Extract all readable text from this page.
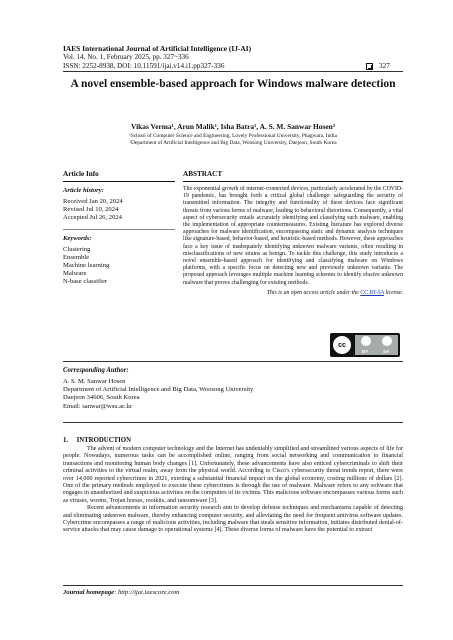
IAES International Journal of Artificial Intelligence (IJ-AI)
Vol. 14, No. 1, February 2025, pp. 327~336
ISSN: 2252-8938, DOI: 10.11591/ijai.v14.i1.pp327-336	327
A novel ensemble-based approach for Windows malware detection
Vikas Verma¹, Arun Malik¹, Isha Batra¹, A. S. M. Sanwar Hosen²
¹School of Computer Science and Engineering, Lovely Professional University, Phagwara, India
²Department of Artificial Intelligence and Big Data, Woosong University, Daejeon, South Korea
Article Info
Article history:
Received Jan 20, 2024
Revised Jul 10, 2024
Accepted Jul 26, 2024
Keywords:
Clustering
Ensemble
Machine learning
Malware
N-base classifier
ABSTRACT
The exponential growth of internet-connected devices, particularly accelerated by the COVID-19 pandemic, has brought forth a critical global challenge: safeguarding the security of transmitted information. The integrity and functionality of these devices face significant threats from various forms of malware, leading to behavioral distortions. Consequently, a vital aspect of cybersecurity entails accurately identifying and classifying such malware, enabling the implementation of appropriate countermeasures. Existing literature has explored diverse approaches for malware identification, encompassing static and dynamic analysis techniques like signature-based, behavior-based, and heuristic-based methods. However, these approaches face a key issue of inadequately identifying unknown malware variants, often resulting in misclassifications of new strains as benign. To tackle this challenge, this study introduces a novel ensemble-based approach for identifying and classifying malware on Windows platforms, with a specific focus on detecting new and previously unknown variants. The proposed approach leverages multiple machine learning schemes to identify elusive unknown malware that proves challenging for existing methods.
This is an open access article under the CC BY-SA license.
cc
BY	SA
Corresponding Author:
A. S. M. Sanwar Hosen
Department of Artificial Intelligence and Big Data, Woosong University
Daejeon 34606, South Korea
Email: sanwar@wsu.ac.kr
1.     INTRODUCTION

The advent of modern computer technology and the Internet has undeniably simplified and streamlined various aspects of life for people. Nowadays, numerous tasks can be accomplished online, ranging from social networking and communication to financial transactions and monitoring human body changes [1]. Unfortunately, these advancements have also enticed cybercriminals to shift their criminal activities to the virtual realm, away from the physical world. According to Cisco's cybersecurity threat trends report, there were over 14,000 reported cybercrimes in 2021, exerting a substantial financial impact on the global economy, costing millions of dollars [2]. One of the primary methods employed to execute these cybercrimes is through the use of malware. Malware refers to any software that engages in unauthorized and suspicious activities on the computers of its victims. This malicious software encompasses various forms such as viruses, worms, Trojan horses, rootkits, and ransomware [3].

Recent advancements in information security research aim to develop defense techniques and mechanisms capable of detecting and eliminating unknown malware, thereby enhancing computer security, and alleviating the need for frequent antivirus software updates. Cybercrime encompasses a range of malicious activities, including malware that steals sensitive information, initiates distributed denial-of-service attacks that may cause damage to operational systems [4]. These diverse forms of malware have the potential to extract

Journal homepage: http://ijai.iaescore.com
